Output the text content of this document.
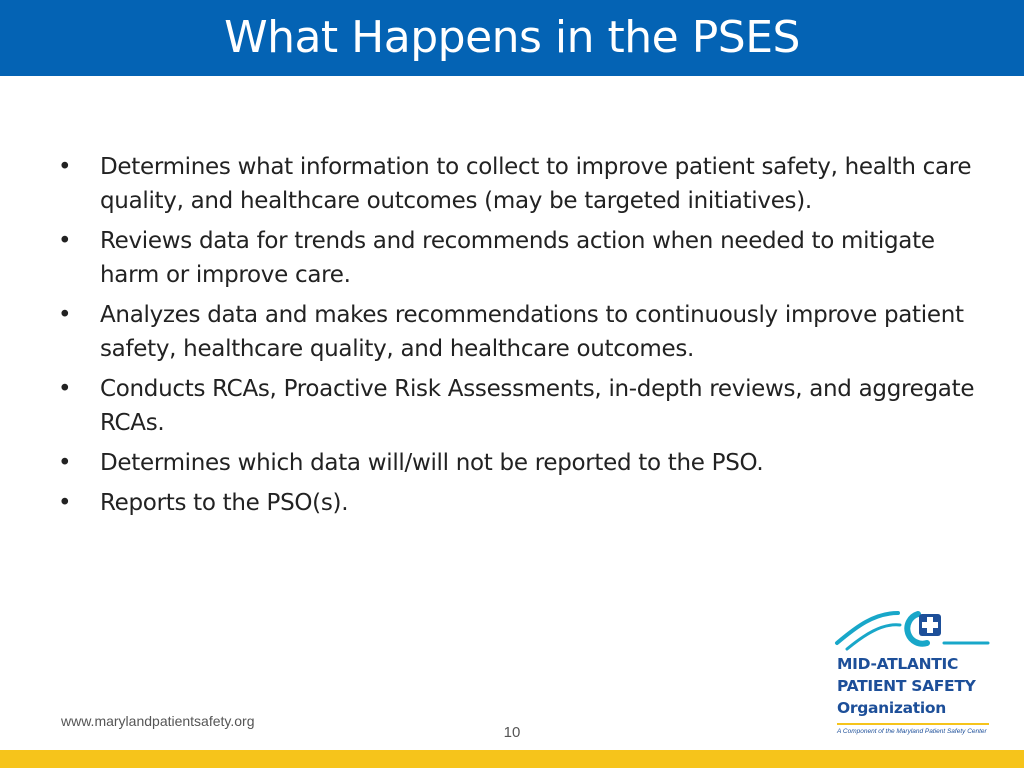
What Happens in the PSES
• Determines what information to collect to improve patient safety, health care quality, and healthcare outcomes (may be targeted initiatives).
• Reviews data for trends and recommends action when needed to mitigate harm or improve care.
• Analyzes data and makes recommendations to continuously improve patient safety, healthcare quality, and healthcare outcomes.
• Conducts RCAs, Proactive Risk Assessments, in-depth reviews, and aggregate RCAs.
• Determines which data will/will not be reported to the PSO.
• Reports to the PSO(s).
www.marylandpatientsafety.org
10
MID-ATLANTIC
PATIENT SAFETY
Organization
A Component of the Maryland Patient Safety Center
